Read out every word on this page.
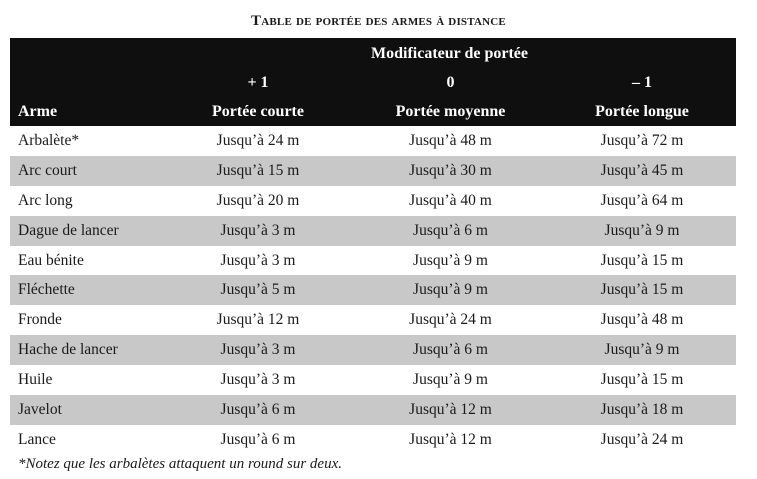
Table de portée des armes à distance
	Modificateur de portée		
	+ 1	0	– 1
Arme	Portée courte	Portée moyenne	Portée longue
Arbalète*	Jusqu’à 24 m	Jusqu’à 48 m	Jusqu’à 72 m
Arc court	Jusqu’à 15 m	Jusqu’à 30 m	Jusqu’à 45 m
Arc long	Jusqu’à 20 m	Jusqu’à 40 m	Jusqu’à 64 m
Dague de lancer	Jusqu’à 3 m	Jusqu’à 6 m	Jusqu’à 9 m
Eau bénite	Jusqu’à 3 m	Jusqu’à 9 m	Jusqu’à 15 m
Fléchette	Jusqu’à 5 m	Jusqu’à 9 m	Jusqu’à 15 m
Fronde	Jusqu’à 12 m	Jusqu’à 24 m	Jusqu’à 48 m
Hache de lancer	Jusqu’à 3 m	Jusqu’à 6 m	Jusqu’à 9 m
Huile	Jusqu’à 3 m	Jusqu’à 9 m	Jusqu’à 15 m
Javelot	Jusqu’à 6 m	Jusqu’à 12 m	Jusqu’à 18 m
Lance	Jusqu’à 6 m	Jusqu’à 12 m	Jusqu’à 24 m
*Notez que les arbalètes attaquent un round sur deux.
